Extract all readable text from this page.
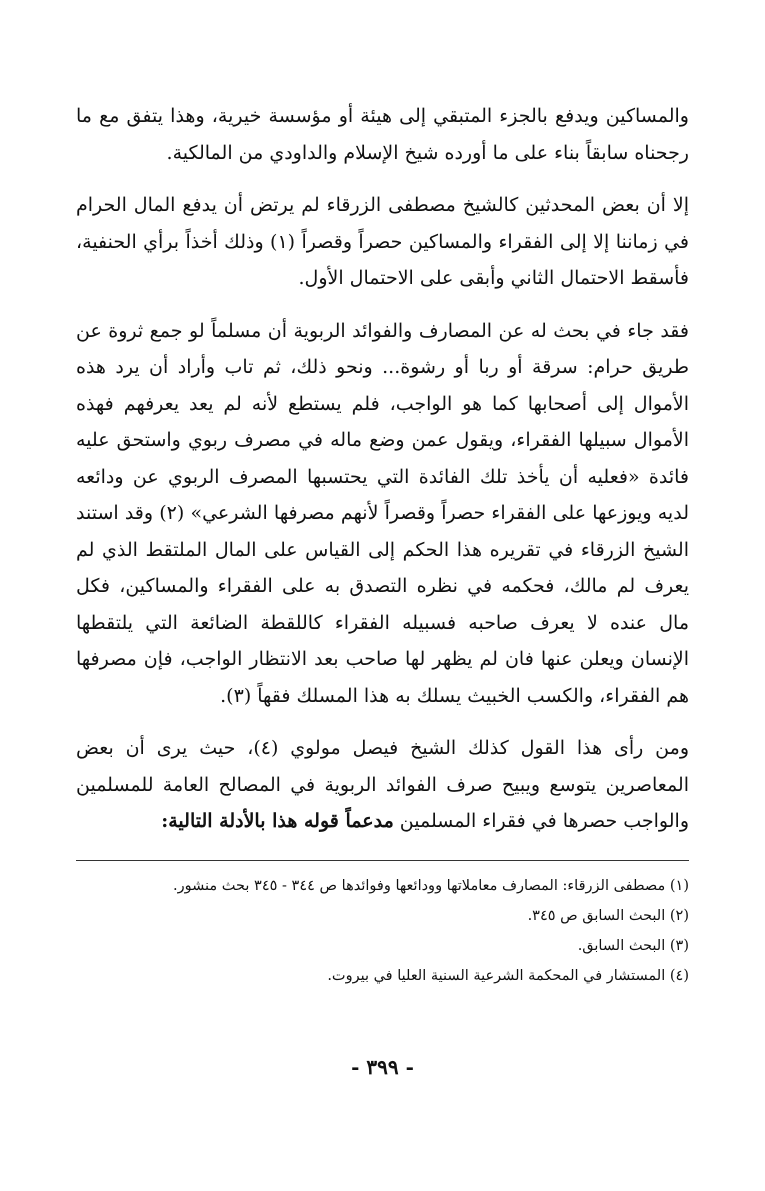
والمساكين ويدفع بالجزء المتبقي إلى هيئة أو مؤسسة خيرية، وهذا يتفق مع ما رجحناه سابقاً بناء على ما أورده شيخ الإسلام والداودي من المالكية.

إلا أن بعض المحدثين كالشيخ مصطفى الزرقاء لم يرتض أن يدفع المال الحرام في زماننا إلا إلى الفقراء والمساكين حصراً وقصراً (١) وذلك أخذاً برأي الحنفية، فأسقط الاحتمال الثاني وأبقى على الاحتمال الأول.

فقد جاء في بحث له عن المصارف والفوائد الربوية أن مسلماً لو جمع ثروة عن طريق حرام: سرقة أو ربا أو رشوة... ونحو ذلك، ثم تاب وأراد أن يرد هذه الأموال إلى أصحابها كما هو الواجب، فلم يستطع لأنه لم يعد يعرفهم فهذه الأموال سبيلها الفقراء، ويقول عمن وضع ماله في مصرف ربوي واستحق عليه فائدة «فعليه أن يأخذ تلك الفائدة التي يحتسبها المصرف الربوي عن ودائعه لديه ويوزعها على الفقراء حصراً وقصراً لأنهم مصرفها الشرعي» (٢) وقد استند الشيخ الزرقاء في تقريره هذا الحكم إلى القياس على المال الملتقط الذي لم يعرف لم مالك، فحكمه في نظره التصدق به على الفقراء والمساكين، فكل مال عنده لا يعرف صاحبه فسبيله الفقراء كاللقطة الضائعة التي يلتقطها الإنسان ويعلن عنها فان لم يظهر لها صاحب بعد الانتظار الواجب، فإن مصرفها هم الفقراء، والكسب الخبيث يسلك به هذا المسلك فقهاً (٣).

ومن رأى هذا القول كذلك الشيخ فيصل مولوي (٤)، حيث يرى أن بعض المعاصرين يتوسع ويبيح صرف الفوائد الربوية في المصالح العامة للمسلمين والواجب حصرها في فقراء المسلمين مدعماً قوله هذا بالأدلة التالية:

(١) مصطفى الزرقاء: المصارف معاملاتها وودائعها وفوائدها ص ٣٤٤ - ٣٤٥ بحث منشور.
(٢) البحث السابق ص ٣٤٥.
(٣) البحث السابق.
(٤) المستشار في المحكمة الشرعية السنية العليا في بيروت.
- ٣٩٩ -
